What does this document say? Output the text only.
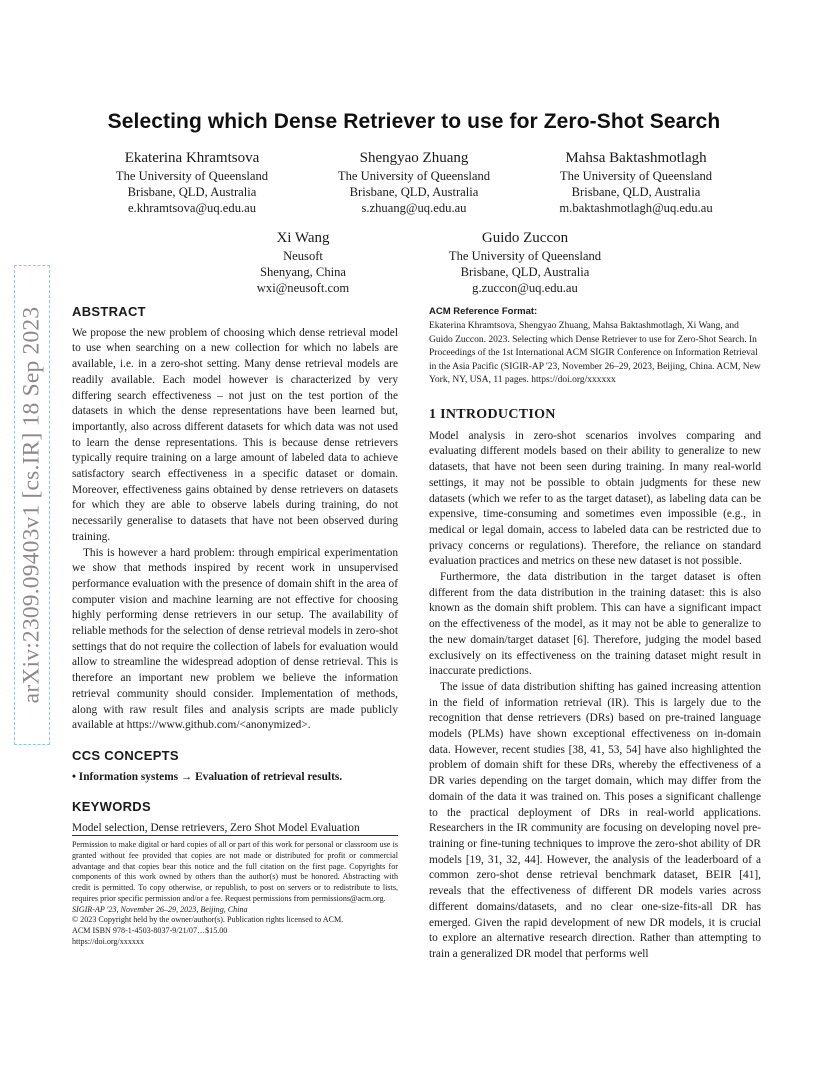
arXiv:2309.09403v1 [cs.IR] 18 Sep 2023
Selecting which Dense Retriever to use for Zero-Shot Search
Ekaterina Khramtsova
The University of Queensland
Brisbane, QLD, Australia
e.khramtsova@uq.edu.au
Shengyao Zhuang
The University of Queensland
Brisbane, QLD, Australia
s.zhuang@uq.edu.au
Mahsa Baktashmotlagh
The University of Queensland
Brisbane, QLD, Australia
m.baktashmotlagh@uq.edu.au
Xi Wang
Neusoft
Shenyang, China
wxi@neusoft.com
Guido Zuccon
The University of Queensland
Brisbane, QLD, Australia
g.zuccon@uq.edu.au
ABSTRACT

We propose the new problem of choosing which dense retrieval model to use when searching on a new collection for which no labels are available, i.e. in a zero-shot setting. Many dense retrieval models are readily available. Each model however is characterized by very differing search effectiveness – not just on the test portion of the datasets in which the dense representations have been learned but, importantly, also across different datasets for which data was not used to learn the dense representations. This is because dense retrievers typically require training on a large amount of labeled data to achieve satisfactory search effectiveness in a specific dataset or domain. Moreover, effectiveness gains obtained by dense retrievers on datasets for which they are able to observe labels during training, do not necessarily generalise to datasets that have not been observed during training.

This is however a hard problem: through empirical experimentation we show that methods inspired by recent work in unsupervised performance evaluation with the presence of domain shift in the area of computer vision and machine learning are not effective for choosing highly performing dense retrievers in our setup. The availability of reliable methods for the selection of dense retrieval models in zero-shot settings that do not require the collection of labels for evaluation would allow to streamline the widespread adoption of dense retrieval. This is therefore an important new problem we believe the information retrieval community should consider. Implementation of methods, along with raw result files and analysis scripts are made publicly available at https://www.github.com/<anonymized>.

CCS CONCEPTS

• Information systems → Evaluation of retrieval results.

KEYWORDS

Model selection, Dense retrievers, Zero Shot Model Evaluation

Permission to make digital or hard copies of all or part of this work for personal or classroom use is granted without fee provided that copies are not made or distributed for profit or commercial advantage and that copies bear this notice and the full citation on the first page. Copyrights for components of this work owned by others than the author(s) must be honored. Abstracting with credit is permitted. To copy otherwise, or republish, to post on servers or to redistribute to lists, requires prior specific permission and/or a fee. Request permissions from permissions@acm.org.

SIGIR-AP '23, November 26–29, 2023, Beijing, China

© 2023 Copyright held by the owner/author(s). Publication rights licensed to ACM.

ACM ISBN 978-1-4503-8037-9/21/07…$15.00

https://doi.org/xxxxxx

ACM Reference Format:
Ekaterina Khramtsova, Shengyao Zhuang, Mahsa Baktashmotlagh, Xi Wang, and Guido Zuccon. 2023. Selecting which Dense Retriever to use for Zero-Shot Search. In Proceedings of the 1st International ACM SIGIR Conference on Information Retrieval in the Asia Pacific (SIGIR-AP '23, November 26–29, 2023, Beijing, China. ACM, New York, NY, USA, 11 pages. https://doi.org/xxxxxx
1 INTRODUCTION

Model analysis in zero-shot scenarios involves comparing and evaluating different models based on their ability to generalize to new datasets, that have not been seen during training. In many real-world settings, it may not be possible to obtain judgments for these new datasets (which we refer to as the target dataset), as labeling data can be expensive, time-consuming and sometimes even impossible (e.g., in medical or legal domain, access to labeled data can be restricted due to privacy concerns or regulations). Therefore, the reliance on standard evaluation practices and metrics on these new dataset is not possible.

Furthermore, the data distribution in the target dataset is often different from the data distribution in the training dataset: this is also known as the domain shift problem. This can have a significant impact on the effectiveness of the model, as it may not be able to generalize to the new domain/target dataset [6]. Therefore, judging the model based exclusively on its effectiveness on the training dataset might result in inaccurate predictions.

The issue of data distribution shifting has gained increasing attention in the field of information retrieval (IR). This is largely due to the recognition that dense retrievers (DRs) based on pre-trained language models (PLMs) have shown exceptional effectiveness on in-domain data. However, recent studies [38, 41, 53, 54] have also highlighted the problem of domain shift for these DRs, whereby the effectiveness of a DR varies depending on the target domain, which may differ from the domain of the data it was trained on. This poses a significant challenge to the practical deployment of DRs in real-world applications. Researchers in the IR community are focusing on developing novel pre-training or fine-tuning techniques to improve the zero-shot ability of DR models [19, 31, 32, 44]. However, the analysis of the leaderboard of a common zero-shot dense retrieval benchmark dataset, BEIR [41], reveals that the effectiveness of different DR models varies across different domains/datasets, and no clear one-size-fits-all DR has emerged. Given the rapid development of new DR models, it is crucial to explore an alternative research direction. Rather than attempting to train a generalized DR model that performs well
